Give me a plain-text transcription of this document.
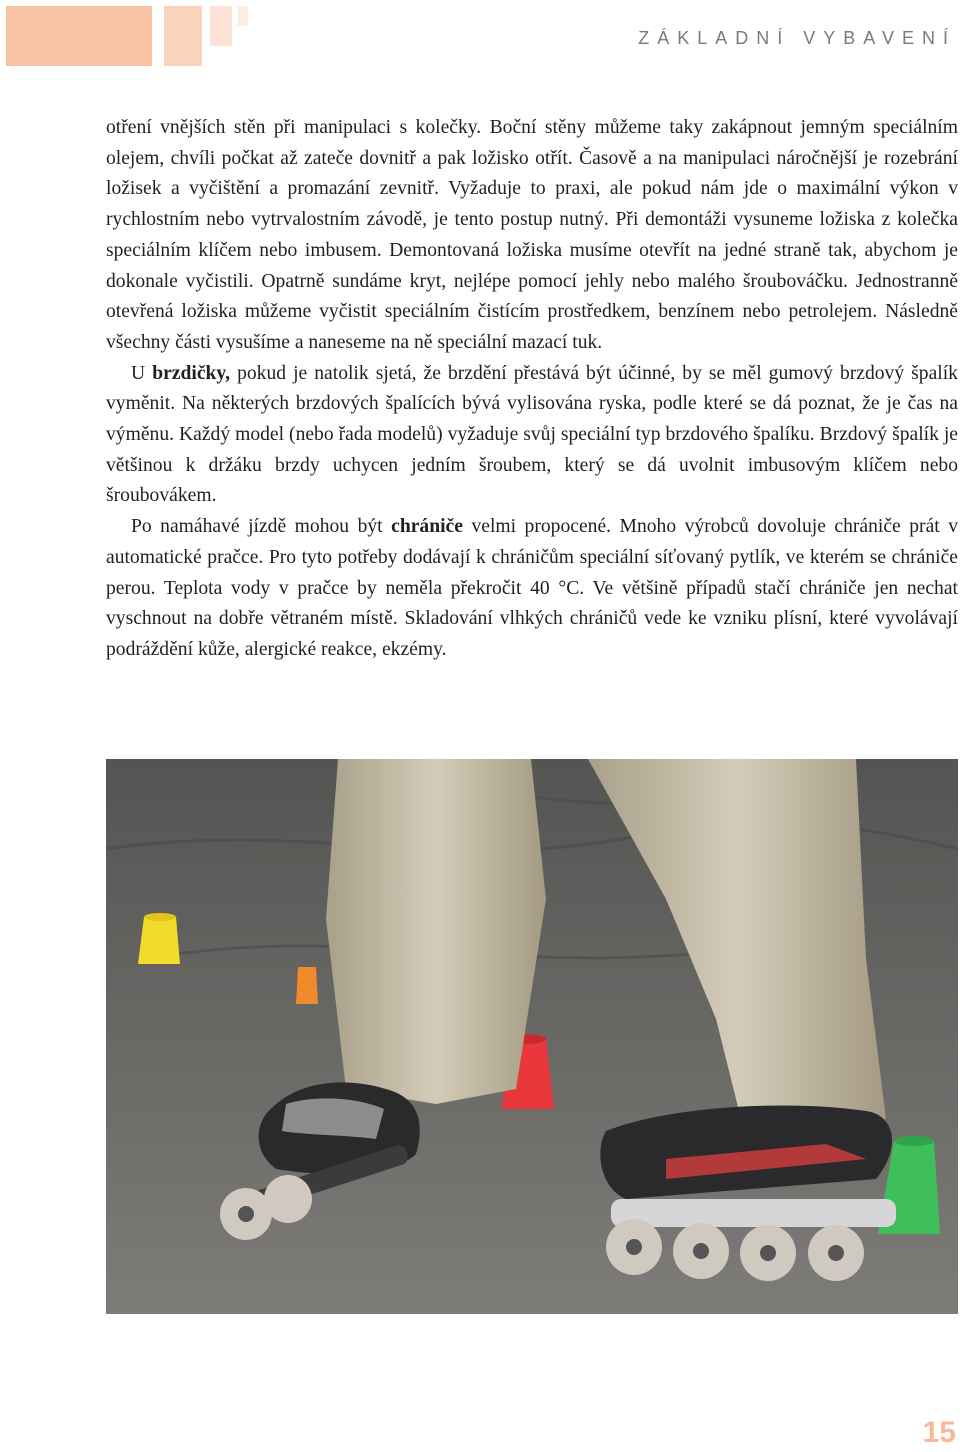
ZÁKLADNÍ VYBAVENÍ

otření vnějších stěn při manipulaci s kolečky. Boční stěny můžeme taky zakápnout jemným speciálním olejem, chvíli počkat až zateče dovnitř a pak ložisko otřít. Časově a na manipulaci náročnější je rozebrání ložisek a vyčištění a promazání zevnitř. Vyžaduje to praxi, ale pokud nám jde o maximální výkon v rychlostním nebo vytrvalostním závodě, je tento postup nutný. Při demontáži vysuneme ložiska z kolečka speciálním klíčem nebo imbusem. Demontovaná ložiska musíme otevřít na jedné straně tak, abychom je dokonale vyčistili. Opatrně sundáme kryt, nejlépe pomocí jehly nebo malého šroubováčku. Jednostranně otevřená ložiska můžeme vyčistit speciálním čistícím prostředkem, benzínem nebo petrolejem. Následně všechny části vysušíme a naneseme na ně speciální mazací tuk.

U brzdičky, pokud je natolik sjetá, že brzdění přestává být účinné, by se měl gumový brzdový špalík vyměnit. Na některých brzdových špalících bývá vylisována ryska, podle které se dá poznat, že je čas na výměnu. Každý model (nebo řada modelů) vyžaduje svůj speciální typ brzdového špalíku. Brzdový špalík je většinou k držáku brzdy uchycen jedním šroubem, který se dá uvolnit imbusovým klíčem nebo šroubovákem.

Po namáhavé jízdě mohou být chrániče velmi propocené. Mnoho výrobců dovoluje chrániče prát v automatické pračce. Pro tyto potřeby dodávají k chráničům speciální síťovaný pytlík, ve kterém se chrániče perou. Teplota vody v pračce by neměla překročit 40 °C. Ve většině případů stačí chrániče jen nechat vyschnout na dobře větraném místě. Skladování vlhkých chráničů vede ke vzniku plísní, které vyvolávají podráždění kůže, alergické reakce, ekzémy.

15
